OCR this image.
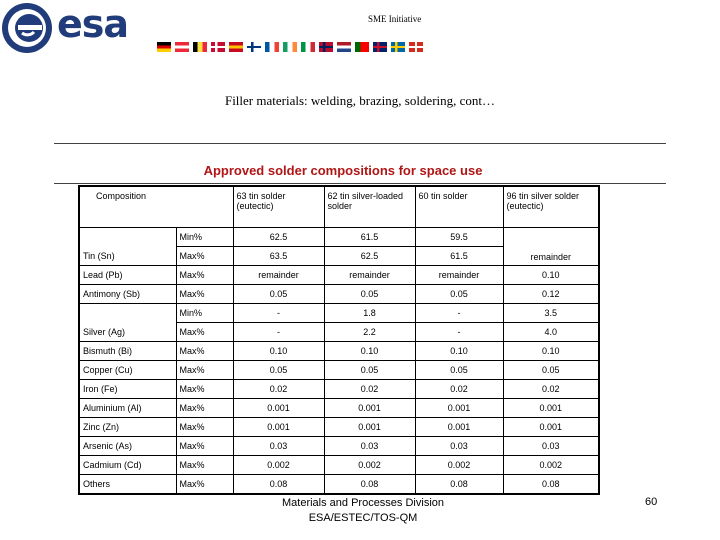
esa	SME Initiative
Filler materials: welding, brazing, soldering, cont…
Approved solder compositions for space use
Composition		63 tin solder (eutectic)	62 tin silver-loaded solder	60 tin solder	96 tin silver solder (eutectic)
	Min%	62.5	61.5	59.5	remainder
Tin (Sn)	Max%	63.5	62.5	61.5	
Lead (Pb)	Max%	remainder	remainder	remainder	0.10
Antimony (Sb)	Max%	0.05	0.05	0.05	0.12
	Min%	-	1.8	-	3.5
Silver (Ag)	Max%	-	2.2	-	4.0
Bismuth (Bi)	Max%	0.10	0.10	0.10	0.10
Copper (Cu)	Max%	0.05	0.05	0.05	0.05
Iron (Fe)	Max%	0.02	0.02	0.02	0.02
Aluminium (Al)	Max%	0.001	0.001	0.001	0.001
Zinc (Zn)	Max%	0.001	0.001	0.001	0.001
Arsenic (As)	Max%	0.03	0.03	0.03	0.03
Cadmium (Cd)	Max%	0.002	0.002	0.002	0.002
Others	Max%	0.08	0.08	0.08	0.08
Materials and Processes Division
ESA/ESTEC/TOS-QM
60
